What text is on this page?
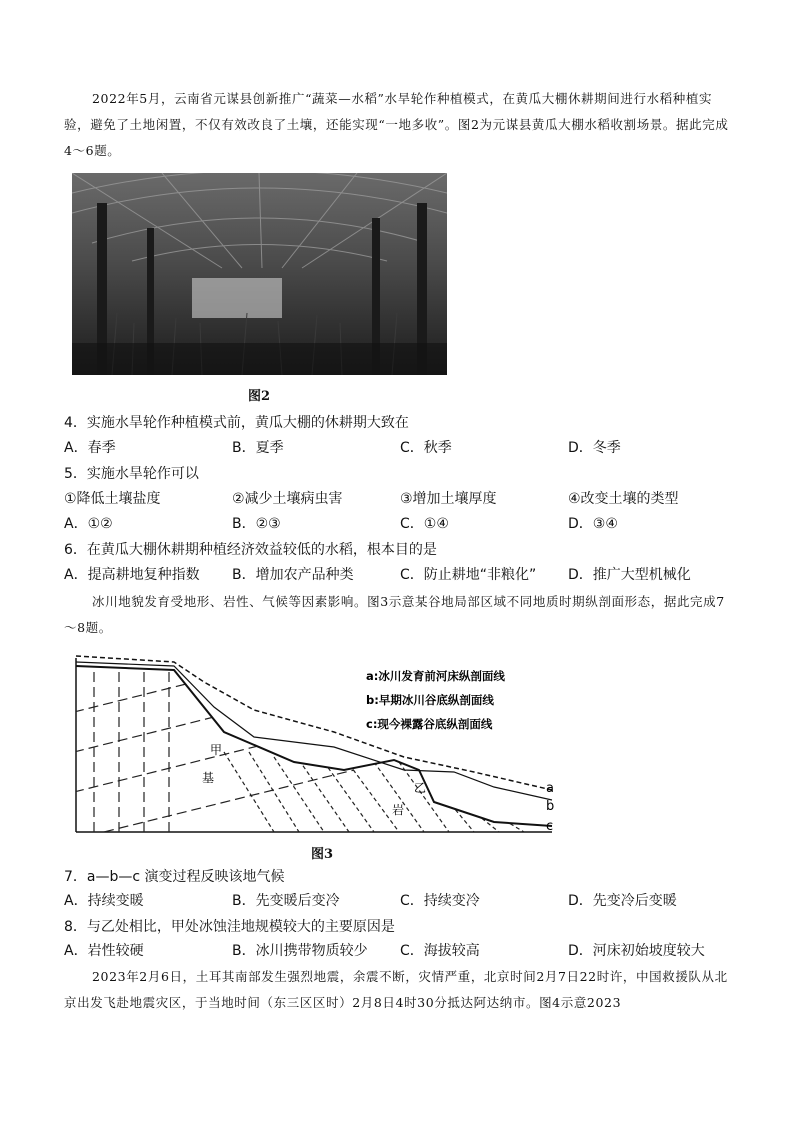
2022年5月，云南省元谋县创新推广“蔬菜—水稻”水旱轮作种植模式，在黄瓜大棚休耕期间进行水稻种植实验，避免了土地闲置，不仅有效改良了土壤，还能实现“一地多收”。图2为元谋县黄瓜大棚水稻收割场景。据此完成4～6题。
图2
4．实施水旱轮作种植模式前，黄瓜大棚的休耕期大致在
A．春季	B．夏季	C．秋季	D．冬季
5．实施水旱轮作可以
①降低土壤盐度	②减少土壤病虫害	③增加土壤厚度	④改变土壤的类型
A．①②	B．②③	C．①④	D．③④
6．在黄瓜大棚休耕期种植经济效益较低的水稻，根本目的是
A．提高耕地复种指数 B．增加农产品种类	C．防止耕地“非粮化” D．推广大型机械化
冰川地貌发育受地形、岩性、气候等因素影响。图3示意某谷地局部区域不同地质时期纵剖面形态，据此完成7～8题。
a:冰川发育前河床纵剖面线
b:早期冰川谷底纵剖面线
c:现今裸露谷底纵剖面线
甲
基
乙
岩
a
b
c
图3
7．a—b—c 演变过程反映该地气候
A．持续变暖	B．先变暖后变冷	C．持续变冷	D．先变冷后变暖
8．与乙处相比，甲处冰蚀洼地规模较大的主要原因是
A．岩性较硬	B．冰川携带物质较少 C．海拔较高	D．河床初始坡度较大
2023年2月6日，土耳其南部发生强烈地震，余震不断，灾情严重，北京时间2月7日22时许，中国救援队从北京出发飞赴地震灾区，于当地时间（东三区区时）2月8日4时30分抵达阿达纳市。图4示意2023
